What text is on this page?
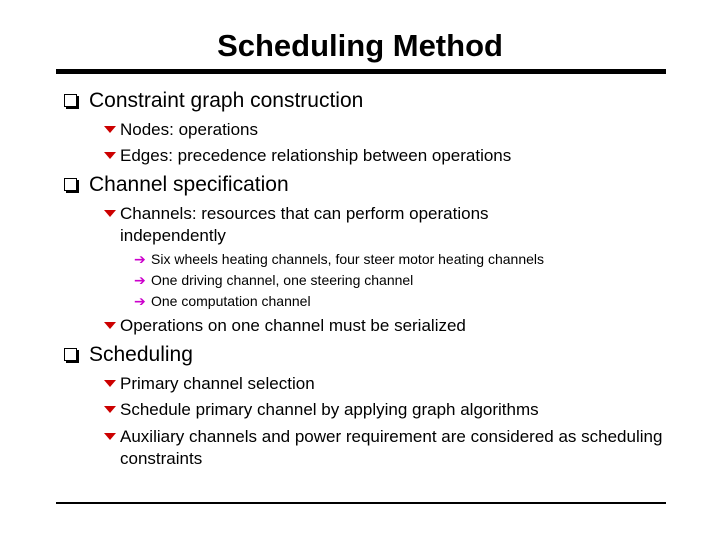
Scheduling Method
Constraint graph construction
Nodes: operations
Edges: precedence relationship between operations
Channel specification
Channels: resources that can perform operations independently
➔ Six wheels heating channels, four steer motor heating channels
➔ One driving channel, one steering channel
➔ One computation channel
Operations on one channel must be serialized
Scheduling
Primary channel selection
Schedule primary channel by applying graph algorithms
Auxiliary channels and power requirement are considered as scheduling constraints
